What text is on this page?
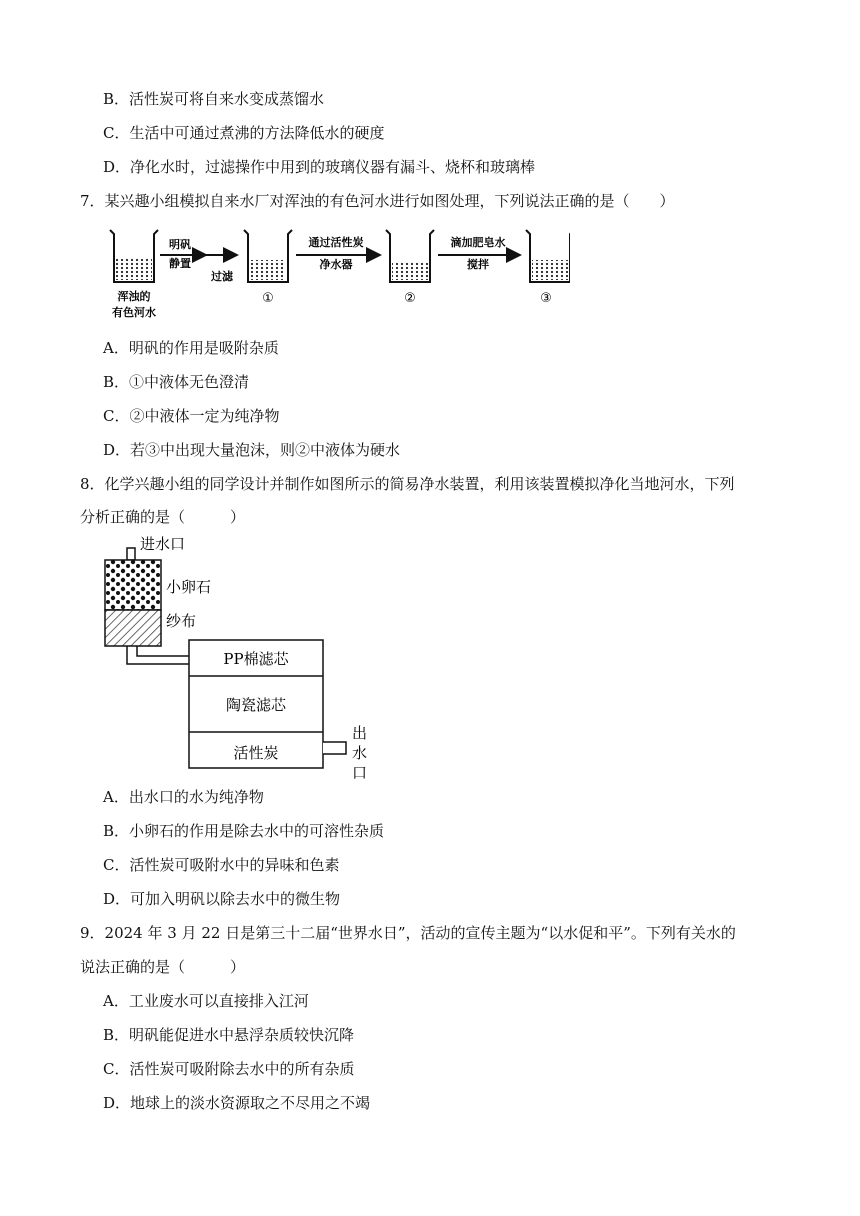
B．活性炭可将自来水变成蒸馏水
C．生活中可通过煮沸的方法降低水的硬度
D．净化水时，过滤操作中用到的玻璃仪器有漏斗、烧杯和玻璃棒
7．某兴趣小组模拟自来水厂对浑浊的有色河水进行如图处理，下列说法正确的是（　　）
浑浊的
有色河水
明矾
静置
过滤
①
通过活性炭
净水器
②
滴加肥皂水
搅拌
③
A．明矾的作用是吸附杂质
B．①中液体无色澄清
C．②中液体一定为纯净物
D．若③中出现大量泡沫，则②中液体为硬水
8．化学兴趣小组的同学设计并制作如图所示的简易净水装置，利用该装置模拟净化当地河水，下列
分析正确的是（　　　）
进水口
小卵石
纱布
PP棉滤芯
陶瓷滤芯
活性炭
出
水
口
A．出水口的水为纯净物
B．小卵石的作用是除去水中的可溶性杂质
C．活性炭可吸附水中的异味和色素
D．可加入明矾以除去水中的微生物
9．2024 年 3 月 22 日是第三十二届“世界水日”，活动的宣传主题为“以水促和平”。下列有关水的
说法正确的是（　　　）
A．工业废水可以直接排入江河
B．明矾能促进水中悬浮杂质较快沉降
C．活性炭可吸附除去水中的所有杂质
D．地球上的淡水资源取之不尽用之不竭
